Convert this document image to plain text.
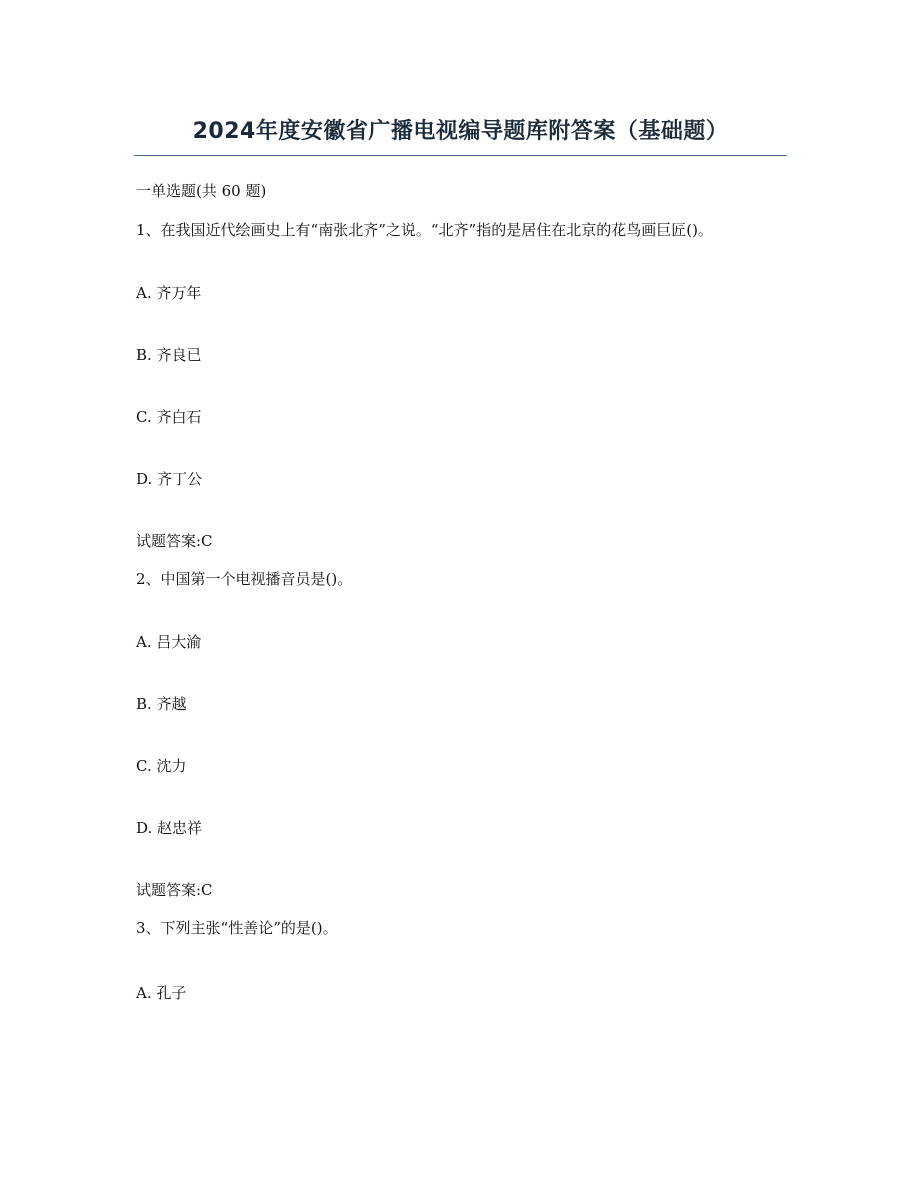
2024年度安徽省广播电视编导题库附答案（基础题）
一单选题(共 60 题)
1、在我国近代绘画史上有“南张北齐”之说。“北齐”指的是居住在北京的花鸟画巨匠()。
A. 齐万年
B. 齐良已
C. 齐白石
D. 齐丁公
试题答案:C
2、中国第一个电视播音员是()。
A. 吕大渝
B. 齐越
C. 沈力
D. 赵忠祥
试题答案:C
3、下列主张“性善论”的是()。
A. 孔子
